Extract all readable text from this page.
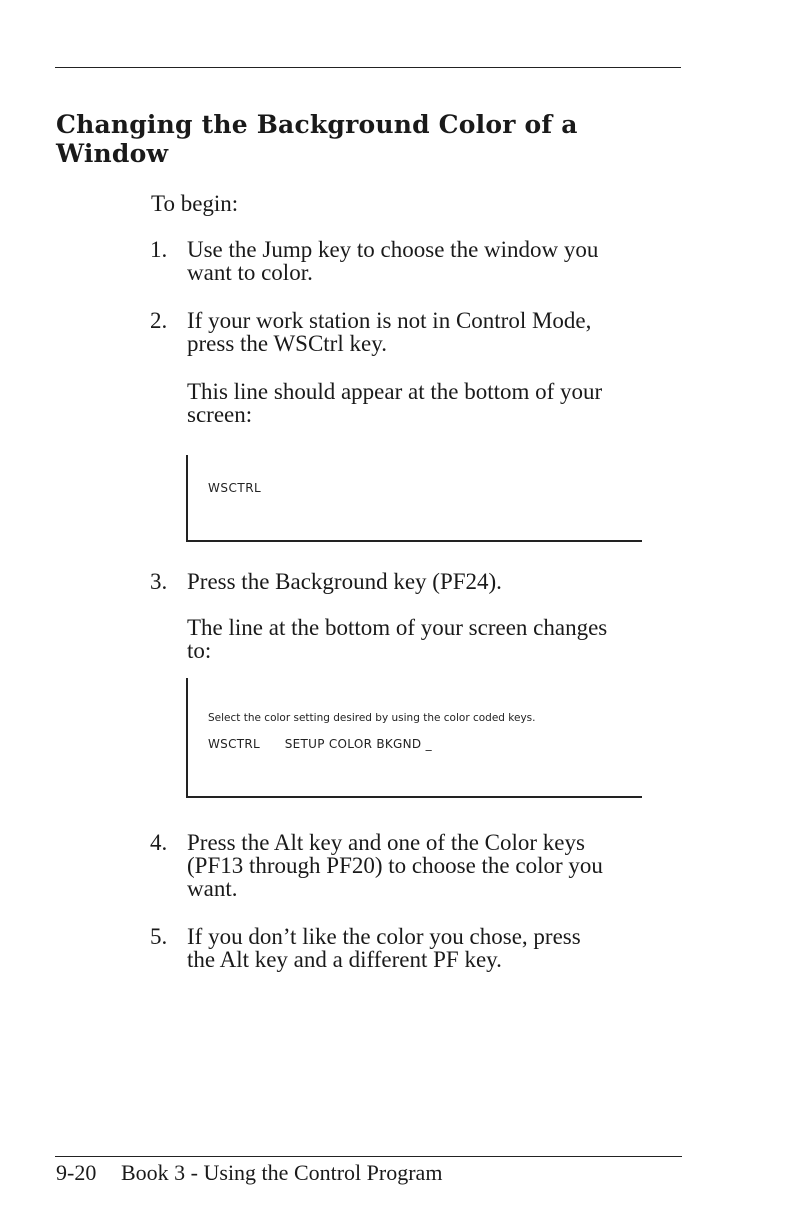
Changing the Background Color of a Window
To begin:
1. Use the Jump key to choose the window you
want to color.
2. If your work station is not in Control Mode,
press the WSCtrl key.
This line should appear at the bottom of your
screen:
WSCTRL
3. Press the Background key (PF24).
The line at the bottom of your screen changes
to:
Select the color setting desired by using the color coded keys.
WSCTRL      SETUP COLOR BKGND _
4. Press the Alt key and one of the Color keys
(PF13 through PF20) to choose the color you
want.
5. If you don’t like the color you chose, press
the Alt key and a different PF key.
9-20 Book 3 - Using the Control Program
